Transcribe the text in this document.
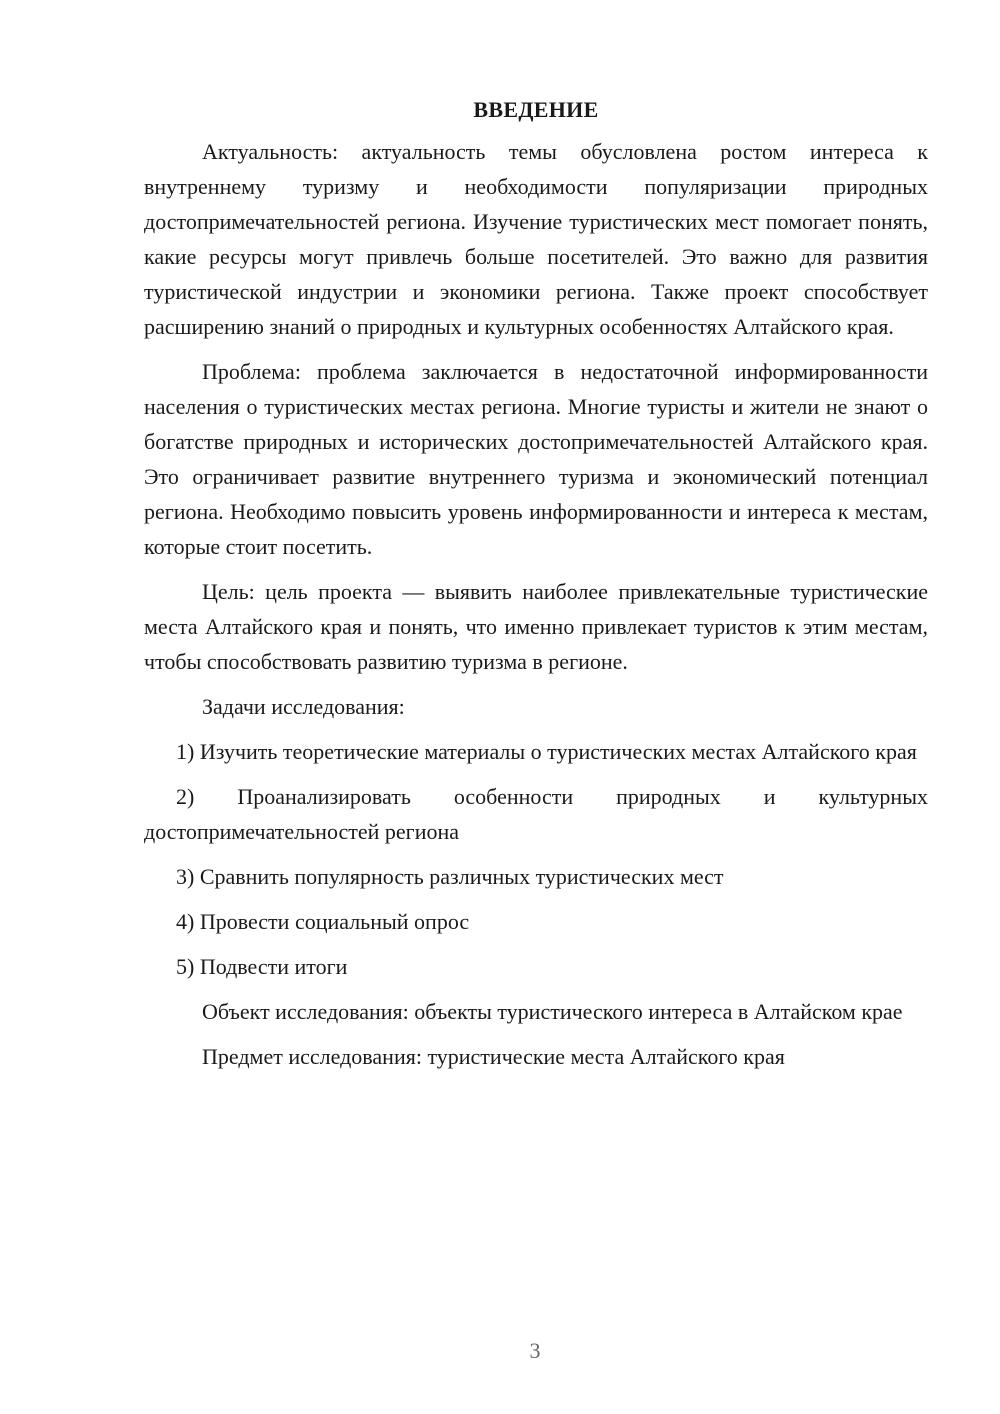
ВВЕДЕНИЕ

Актуальность: актуальность темы обусловлена ростом интереса к внутреннему туризму и необходимости популяризации природных достопримечательностей региона. Изучение туристических мест помогает понять, какие ресурсы могут привлечь больше посетителей. Это важно для развития туристической индустрии и экономики региона. Также проект способствует расширению знаний о природных и культурных особенностях Алтайского края.

Проблема: проблема заключается в недостаточной информированности населения о туристических местах региона. Многие туристы и жители не знают о богатстве природных и исторических достопримечательностей Алтайского края. Это ограничивает развитие внутреннего туризма и экономический потенциал региона. Необходимо повысить уровень информированности и интереса к местам, которые стоит посетить.

Цель: цель проекта — выявить наиболее привлекательные туристические места Алтайского края и понять, что именно привлекает туристов к этим местам, чтобы способствовать развитию туризма в регионе.

Задачи исследования:

1) Изучить теоретические материалы о туристических местах Алтайского края

2) Проанализировать особенности природных и культурных достопримечательностей региона

3) Сравнить популярность различных туристических мест

4) Провести социальный опрос

5) Подвести итоги

Объект исследования: объекты туристического интереса в Алтайском крае

Предмет исследования: туристические места Алтайского края

3
